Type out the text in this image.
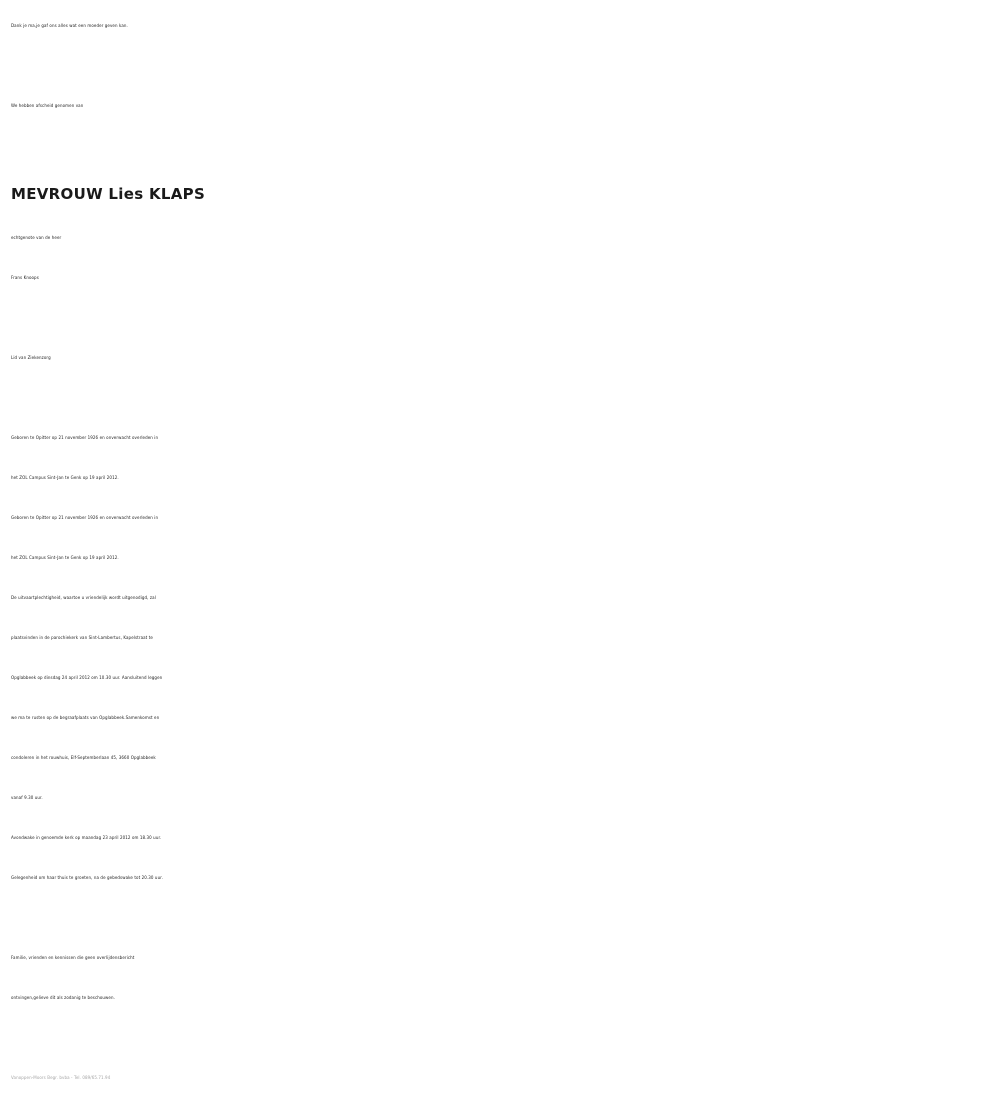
Dank je ma,je gaf ons alles wat een moeder geven kan.
We hebben afscheid genomen van
MEVROUW Lies KLAPS
echtgenote van de heer
Frans Knoops
Lid van Ziekenzorg
Geboren te Opitter op 21 november 1926 en onverwacht overleden in
het ZOL Campus Sint-Jan te Genk op 19 april 2012.
Geboren te Opitter op 21 november 1926 en onverwacht overleden in
het ZOL Campus Sint-Jan te Genk op 19 april 2012.
De uitvaartplechtigheid, waartoe u vriendelijk wordt uitgenodigd, zal
plaatsvinden in de parochiekerk van Sint-Lambertus, Kapelstraat te
Opglabbeek op dinsdag 24 april 2012 om 10.30 uur. Aansluitend leggen
we ma te rusten op de begraafplaats van Opglabbeek.Samenkomst en
condoleren in het rouwhuis, Elf-Septemberlaan 45, 3660 Opglabbeek
vanaf 9.30 uur.
Avondwake in genoemde kerk op maandag 23 april 2012 om 18.30 uur.
Gelegenheid om haar thuis te groeten, na de gebedswake tot 20.30 uur.
Familie, vrienden en kennissen die geen overlijdensbericht
ontvingen,gelieve dit als zodanig te beschouwen.
Vanoppen-Moors Begr. bvba - Tel. 089/65.71.94
